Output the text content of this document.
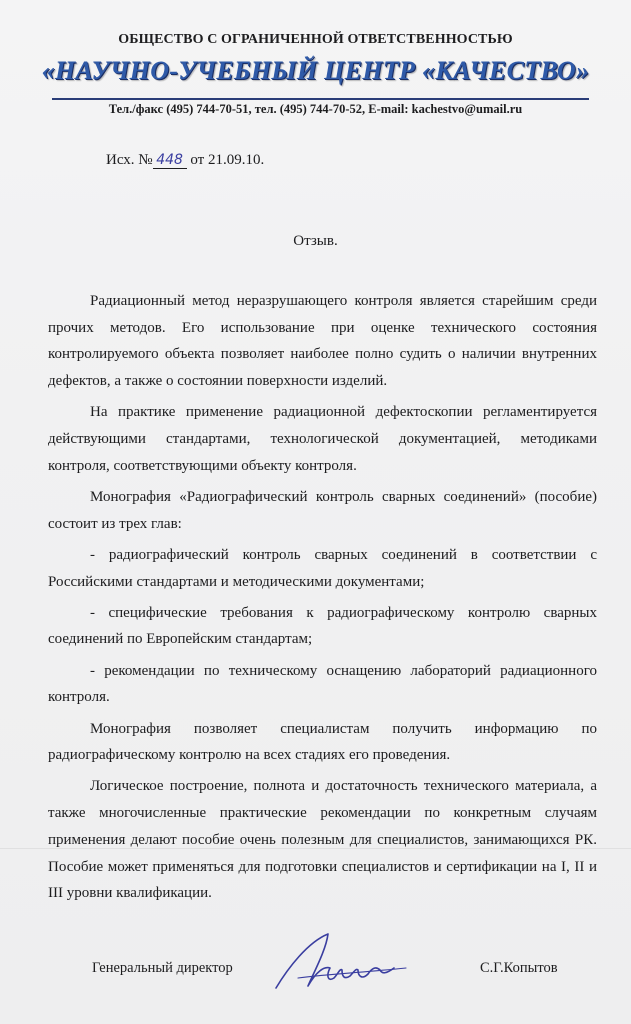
ОБЩЕСТВО С ОГРАНИЧЕННОЙ ОТВЕТСТВЕННОСТЬЮ
«НАУЧНО-УЧЕБНЫЙ ЦЕНТР «КАЧЕСТВО»
Тел./факс (495) 744-70-51, тел. (495) 744-70-52, E-mail: kachestvo@umail.ru
Исх. № 448 от 21.09.10.
Отзыв.

Радиационный метод неразрушающего контроля является старейшим среди прочих методов. Его использование при оценке технического состояния контролируемого объекта позволяет наиболее полно судить о наличии внутренних дефектов, а также о состоянии поверхности изделий.

На практике применение радиационной дефектоскопии регламентируется действующими стандартами, технологической документацией, методиками контроля, соответствующими объекту контроля.

Монография «Радиографический контроль сварных соединений» (пособие) состоит из трех глав:

- радиографический контроль сварных соединений в соответствии с Российскими стандартами и методическими документами;

- специфические требования к радиографическому контролю сварных соединений по Европейским стандартам;

- рекомендации по техническому оснащению лабораторий радиационного контроля.

Монография позволяет специалистам получить информацию по радиографическому контролю на всех стадиях его проведения.

Логическое построение, полнота и достаточность технического материала, а также многочисленные практические рекомендации по конкретным случаям применения делают пособие очень полезным для специалистов, занимающихся РК. Пособие может применяться для подготовки специалистов и сертификации на I, II и III уровни квалификации.

Генеральный директор	С.Г.Копытов
